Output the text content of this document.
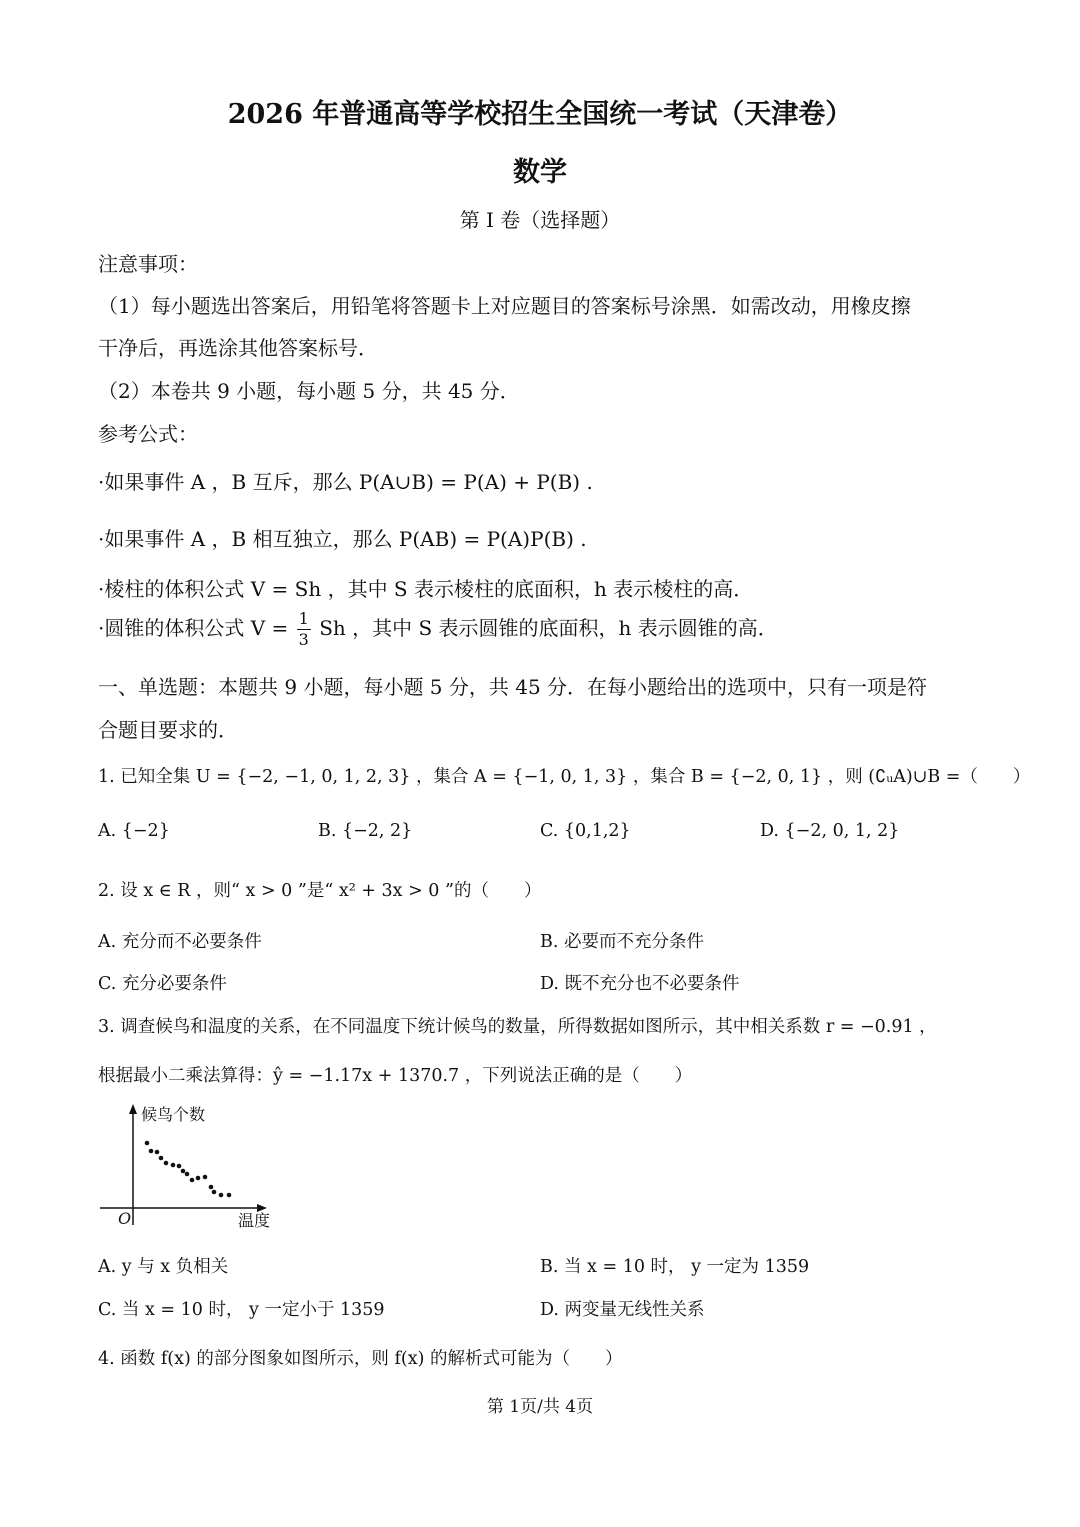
2026 年普通高等学校招生全国统一考试（天津卷）
数学
第 I 卷（选择题）
注意事项：
（1）每小题选出答案后，用铅笔将答题卡上对应题目的答案标号涂黑．如需改动，用橡皮擦
干净后，再选涂其他答案标号．
（2）本卷共 9 小题，每小题 5 分，共 45 分．
参考公式：
·如果事件 A ，B 互斥，那么 P(A∪B) = P(A) + P(B) .
·如果事件 A ，B 相互独立，那么 P(AB) = P(A)P(B) .
·棱柱的体积公式 V = Sh ，其中 S 表示棱柱的底面积，h 表示棱柱的高．
·圆锥的体积公式 $V = \frac{1}{3}$ Sh ，其中 S 表示圆锥的底面积，h 表示圆锥的高．
一、单选题：本题共 9 小题，每小题 5 分，共 45 分．在每小题给出的选项中，只有一项是符
合题目要求的．
1. 已知全集 U = {−2, −1, 0, 1, 2, 3} ，集合 A = {−1, 0, 1, 3} ，集合 B = {−2, 0, 1} ，则 (∁ᵤA)∪B =（　　）
A. {−2}	B. {−2, 2}	C. {0,1,2}	D. {−2, 0, 1, 2}
2. 设 x ∈ R ，则“ x > 0 ”是“ x² + 3x > 0 ”的（　　）
A. 充分而不必要条件	B. 必要而不充分条件
C. 充分必要条件	D. 既不充分也不必要条件
3. 调查候鸟和温度的关系，在不同温度下统计候鸟的数量，所得数据如图所示，其中相关系数 r = −0.91 ，
根据最小二乘法算得：ŷ = −1.17x + 1370.7 ，下列说法正确的是（　　）
候鸟个数
温度
O
A. y 与 x 负相关	B. 当 x = 10 时， y 一定为 1359
C. 当 x = 10 时， y 一定小于 1359	D. 两变量无线性关系
4. 函数 f(x) 的部分图象如图所示，则 f(x) 的解析式可能为（　　）
第 1页/共 4页
